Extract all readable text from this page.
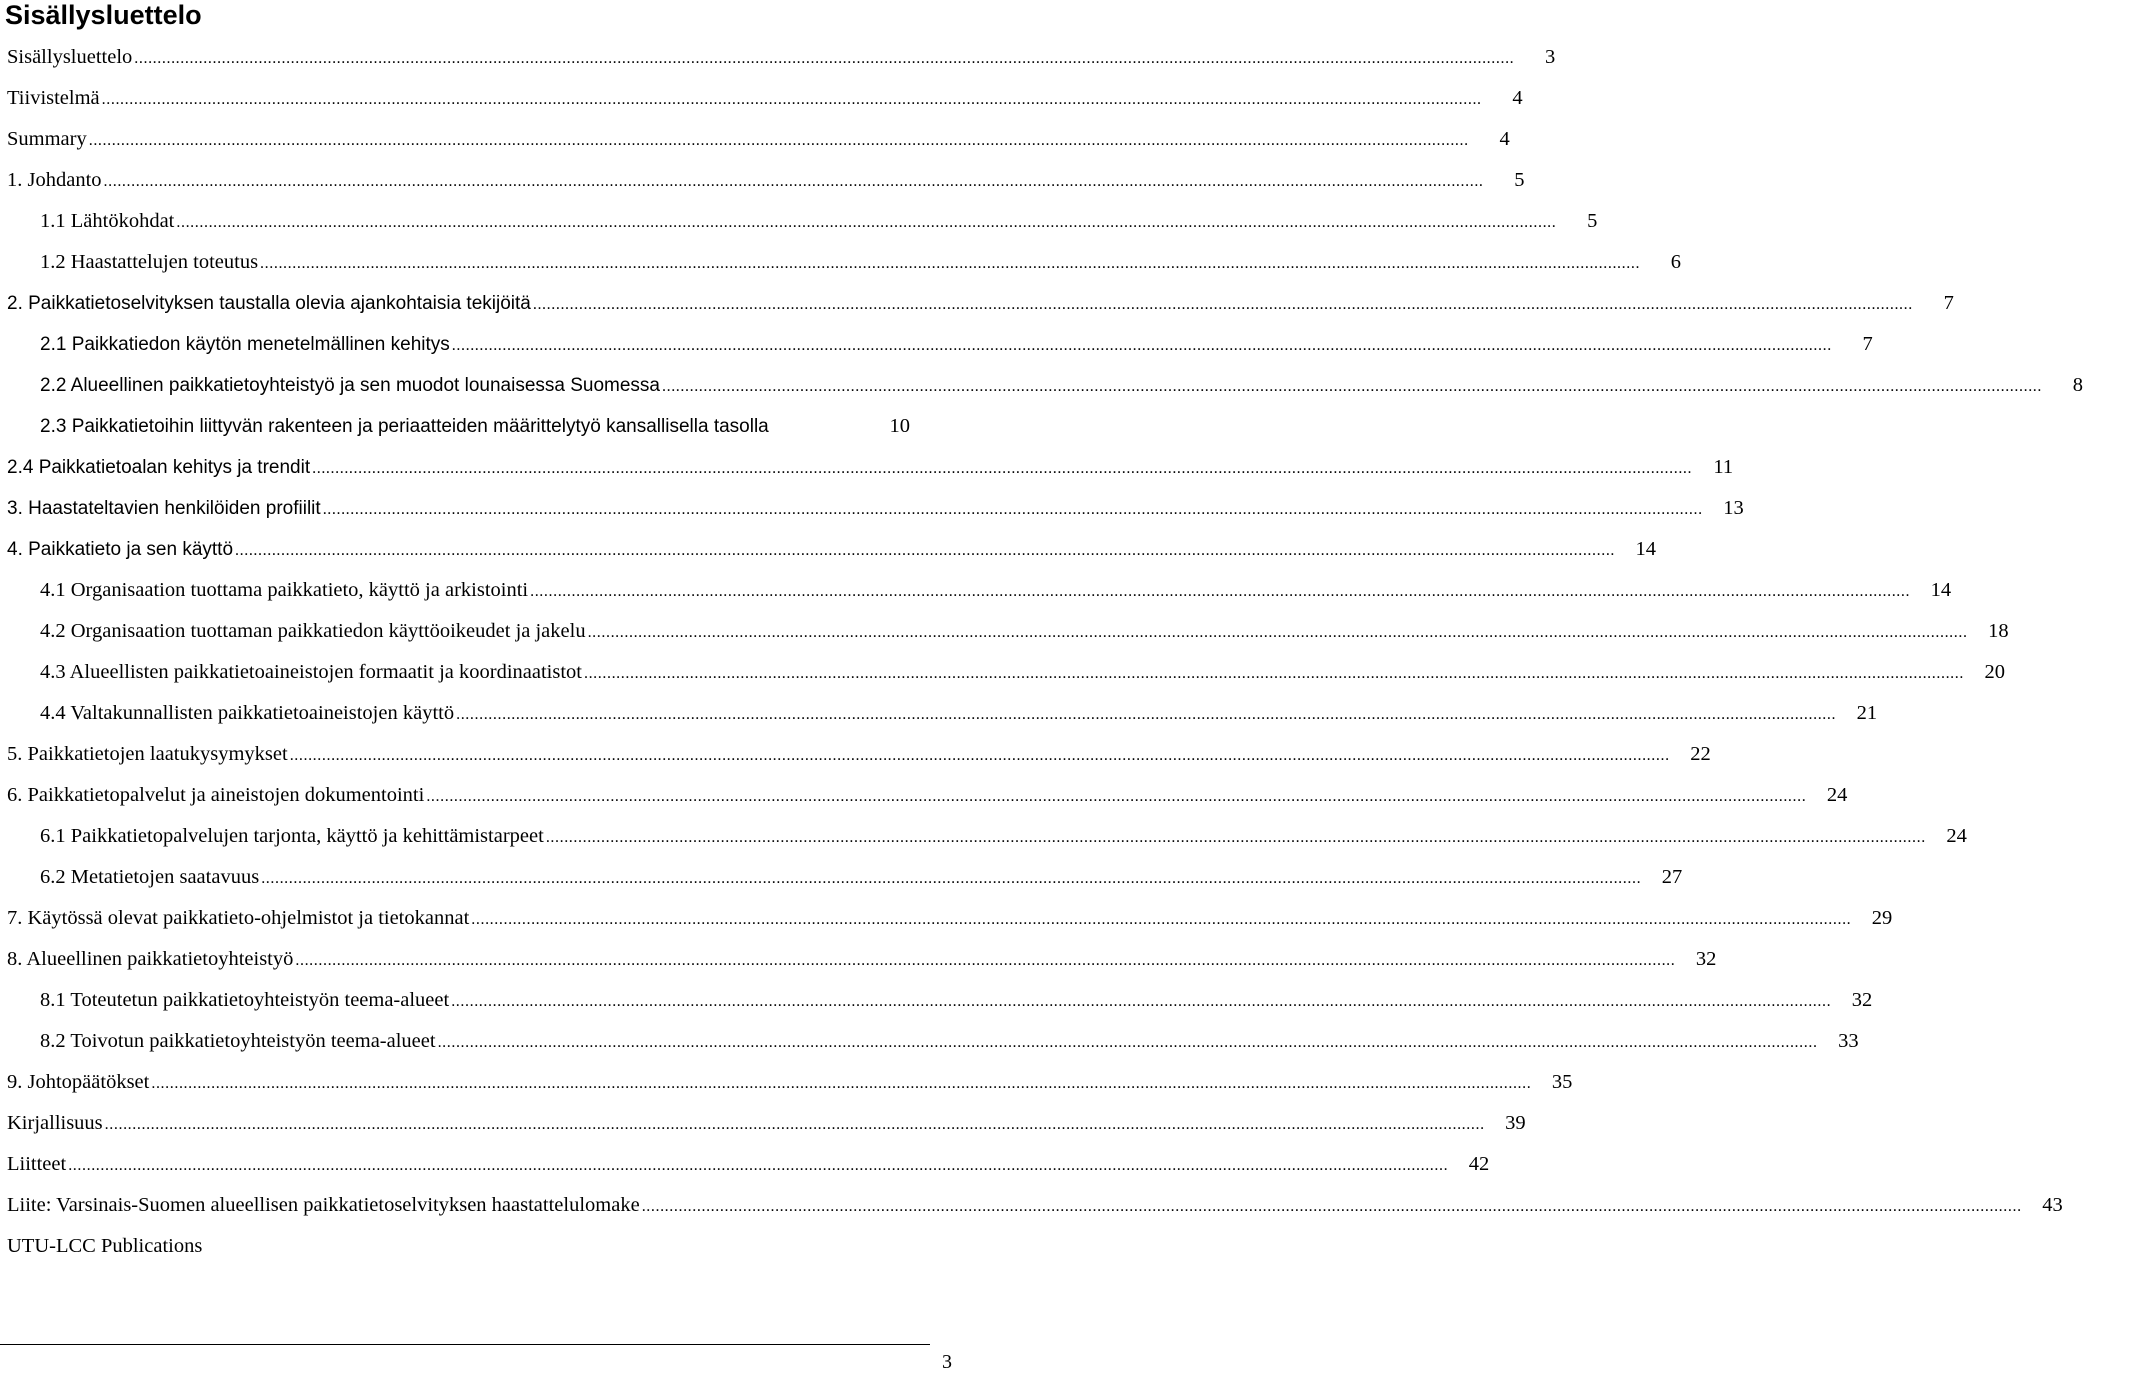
Sisällysluettelo
Sisällysluettelo ............................................................................................................................................................................................................................................................................................................	3
Tiivistelmä ............................................................................................................................................................................................................................................................................................................	4
Summary ............................................................................................................................................................................................................................................................................................................	4
1. Johdanto ............................................................................................................................................................................................................................................................................................................	5
1.1 Lähtökohdat ............................................................................................................................................................................................................................................................................................................	5
1.2 Haastattelujen toteutus ............................................................................................................................................................................................................................................................................................................	6
2. Paikkatietoselvityksen taustalla olevia ajankohtaisia tekijöitä ............................................................................................................................................................................................................................................................................................................	7
2.1 Paikkatiedon käytön menetelmällinen kehitys ............................................................................................................................................................................................................................................................................................................	7
2.2 Alueellinen paikkatietoyhteistyö ja sen muodot lounaisessa Suomessa ............................................................................................................................................................................................................................................................................................................	8
2.3 Paikkatietoihin liittyvän rakenteen ja periaatteiden määrittelytyö kansallisella tasolla	10
2.4 Paikkatietoalan kehitys ja trendit ............................................................................................................................................................................................................................................................................................................	11
3. Haastateltavien henkilöiden profiilit ............................................................................................................................................................................................................................................................................................................	13
4. Paikkatieto ja sen käyttö ............................................................................................................................................................................................................................................................................................................	14
4.1 Organisaation tuottama paikkatieto, käyttö ja arkistointi ............................................................................................................................................................................................................................................................................................................	14
4.2 Organisaation tuottaman paikkatiedon käyttöoikeudet ja jakelu ............................................................................................................................................................................................................................................................................................................	18
4.3 Alueellisten paikkatietoaineistojen formaatit ja koordinaatistot ............................................................................................................................................................................................................................................................................................................	20
4.4 Valtakunnallisten paikkatietoaineistojen käyttö ............................................................................................................................................................................................................................................................................................................	21
5. Paikkatietojen laatukysymykset ............................................................................................................................................................................................................................................................................................................	22
6. Paikkatietopalvelut ja aineistojen dokumentointi ............................................................................................................................................................................................................................................................................................................	24
6.1 Paikkatietopalvelujen tarjonta, käyttö ja kehittämistarpeet ............................................................................................................................................................................................................................................................................................................	24
6.2 Metatietojen saatavuus ............................................................................................................................................................................................................................................................................................................	27
7. Käytössä olevat paikkatieto-ohjelmistot ja tietokannat ............................................................................................................................................................................................................................................................................................................	29
8. Alueellinen paikkatietoyhteistyö ............................................................................................................................................................................................................................................................................................................	32
8.1 Toteutetun paikkatietoyhteistyön teema-alueet ............................................................................................................................................................................................................................................................................................................	32
8.2 Toivotun paikkatietoyhteistyön teema-alueet ............................................................................................................................................................................................................................................................................................................	33
9. Johtopäätökset ............................................................................................................................................................................................................................................................................................................	35
Kirjallisuus ............................................................................................................................................................................................................................................................................................................	39
Liitteet ............................................................................................................................................................................................................................................................................................................	42
Liite: Varsinais-Suomen alueellisen paikkatietoselvityksen haastattelulomake ............................................................................................................................................................................................................................................................................................................	43
UTU-LCC Publications
3
